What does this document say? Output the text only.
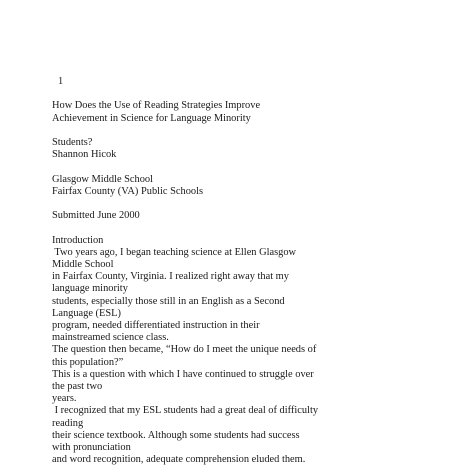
1
How Does the Use of Reading Strategies Improve
Achievement in Science for Language Minority
Students?
Shannon Hicok
Glasgow Middle School
Fairfax County (VA) Public Schools
Submitted June 2000
Introduction
Two years ago, I began teaching science at Ellen Glasgow
Middle School
in Fairfax County, Virginia. I realized right away that my
language minority
students, especially those still in an English as a Second
Language (ESL)
program, needed differentiated instruction in their
mainstreamed science class.
The question then became, “How do I meet the unique needs of
this population?”
This is a question with which I have continued to struggle over
the past two
years.
I recognized that my ESL students had a great deal of difficulty
reading
their science textbook. Although some students had success
with pronunciation
and word recognition, adequate comprehension eluded them.
